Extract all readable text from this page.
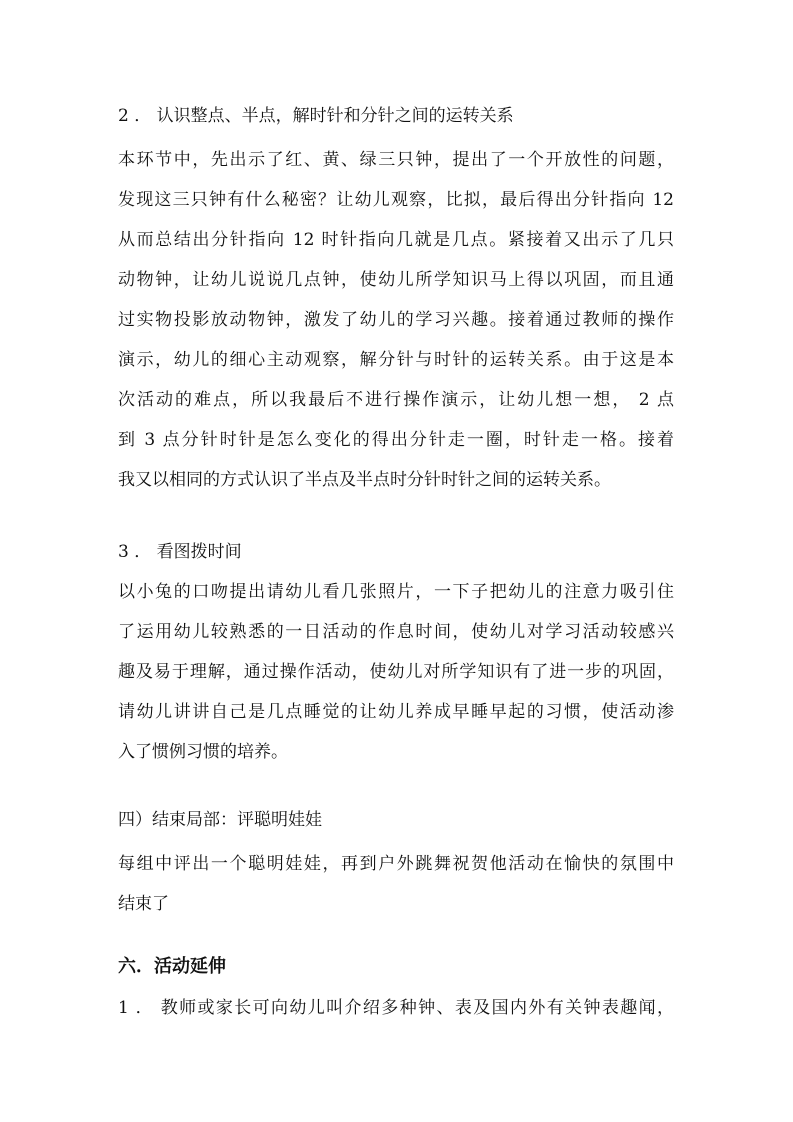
2 ． 认识整点、半点，解时针和分针之间的运转关系
本环节中，先出示了红、黄、绿三只钟，提出了一个开放性的问题，
发现这三只钟有什么秘密？让幼儿观察，比拟，最后得出分针指向 12
从而总结出分针指向 12 时针指向几就是几点。紧接着又出示了几只
动物钟，让幼儿说说几点钟，使幼儿所学知识马上得以巩固，而且通
过实物投影放动物钟，激发了幼儿的学习兴趣。接着通过教师的操作
演示，幼儿的细心主动观察，解分针与时针的运转关系。由于这是本
次活动的难点，所以我最后不进行操作演示，让幼儿想一想， 2 点
到 3 点分针时针是怎么变化的得出分针走一圈，时针走一格。接着
我又以相同的方式认识了半点及半点时分针时针之间的运转关系。
3 ． 看图拨时间
以小兔的口吻提出请幼儿看几张照片，一下子把幼儿的注意力吸引住
了运用幼儿较熟悉的一日活动的作息时间，使幼儿对学习活动较感兴
趣及易于理解，通过操作活动，使幼儿对所学知识有了进一步的巩固，
请幼儿讲讲自己是几点睡觉的让幼儿养成早睡早起的习惯，使活动渗
入了惯例习惯的培养。
四）结束局部：评聪明娃娃
每组中评出一个聪明娃娃，再到户外跳舞祝贺他活动在愉快的氛围中
结束了
六．活动延伸
1 ． 教师或家长可向幼儿叫介绍多种钟、表及国内外有关钟表趣闻，
